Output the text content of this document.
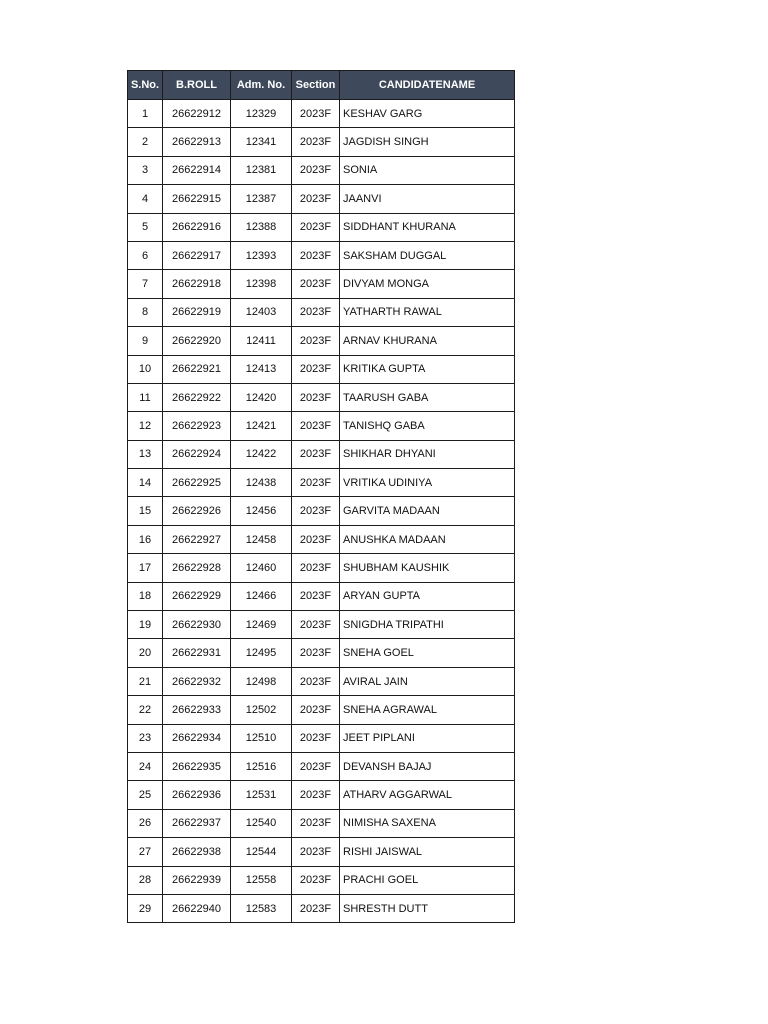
S.No.	B.ROLL	Adm. No.	Section	CANDIDATENAME
1	26622912	12329	2023F	KESHAV GARG
2	26622913	12341	2023F	JAGDISH SINGH
3	26622914	12381	2023F	SONIA
4	26622915	12387	2023F	JAANVI
5	26622916	12388	2023F	SIDDHANT KHURANA
6	26622917	12393	2023F	SAKSHAM DUGGAL
7	26622918	12398	2023F	DIVYAM MONGA
8	26622919	12403	2023F	YATHARTH RAWAL
9	26622920	12411	2023F	ARNAV KHURANA
10	26622921	12413	2023F	KRITIKA GUPTA
11	26622922	12420	2023F	TAARUSH GABA
12	26622923	12421	2023F	TANISHQ GABA
13	26622924	12422	2023F	SHIKHAR DHYANI
14	26622925	12438	2023F	VRITIKA UDINIYA
15	26622926	12456	2023F	GARVITA MADAAN
16	26622927	12458	2023F	ANUSHKA MADAAN
17	26622928	12460	2023F	SHUBHAM KAUSHIK
18	26622929	12466	2023F	ARYAN GUPTA
19	26622930	12469	2023F	SNIGDHA TRIPATHI
20	26622931	12495	2023F	SNEHA GOEL
21	26622932	12498	2023F	AVIRAL JAIN
22	26622933	12502	2023F	SNEHA AGRAWAL
23	26622934	12510	2023F	JEET PIPLANI
24	26622935	12516	2023F	DEVANSH BAJAJ
25	26622936	12531	2023F	ATHARV AGGARWAL
26	26622937	12540	2023F	NIMISHA SAXENA
27	26622938	12544	2023F	RISHI JAISWAL
28	26622939	12558	2023F	PRACHI GOEL
29	26622940	12583	2023F	SHRESTH DUTT
